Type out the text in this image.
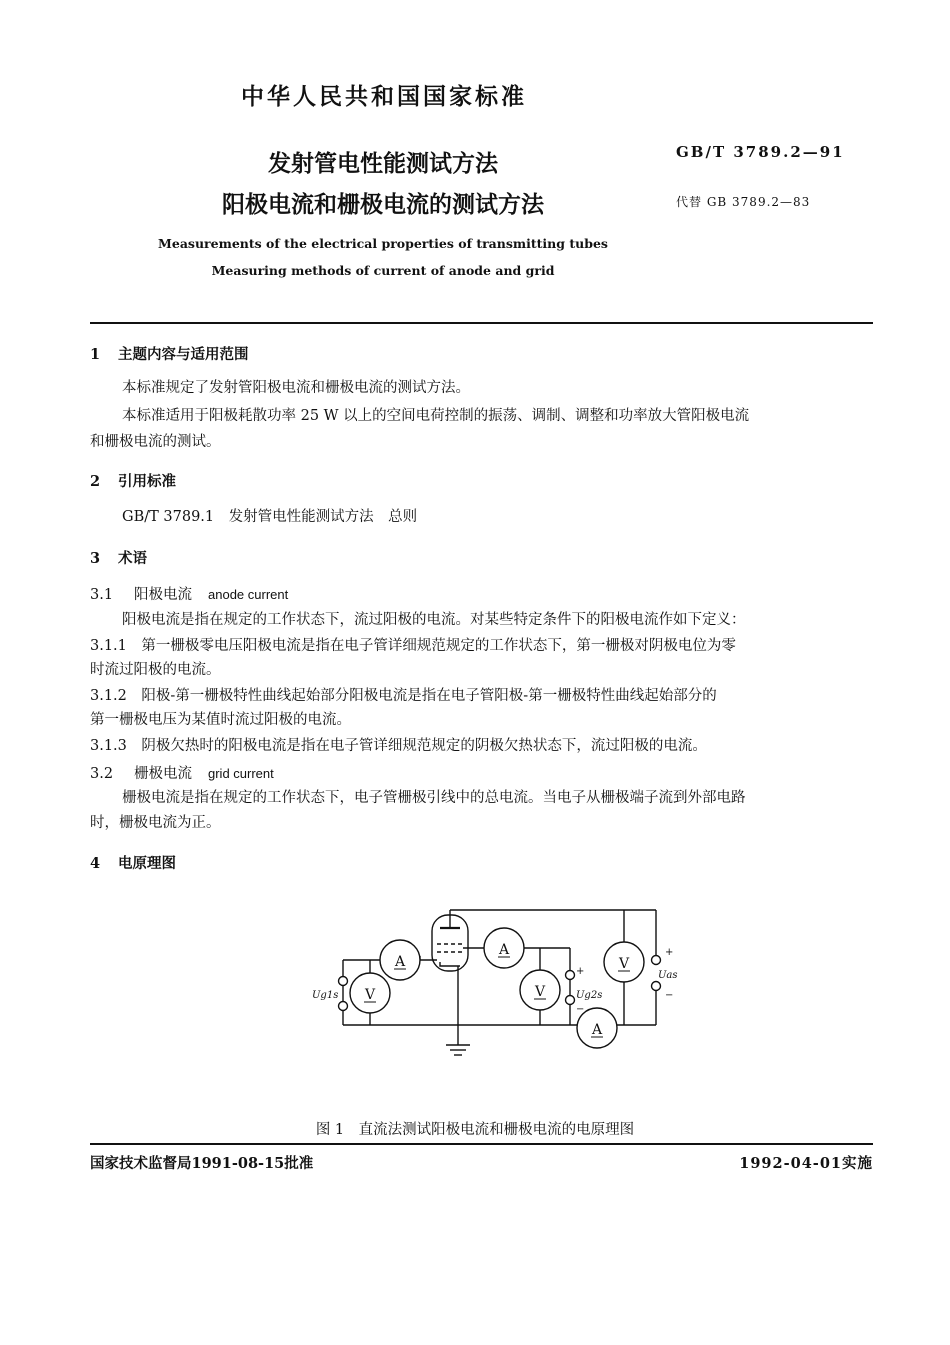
中华人民共和国国家标准
发射管电性能测试方法
阳极电流和栅极电流的测试方法
GB/T 3789.2—91
代替 GB 3789.2—83
Measurements of the electrical properties of transmitting tubes
Measuring methods of current of anode and grid
1 主题内容与适用范围
本标准规定了发射管阳极电流和栅极电流的测试方法。
本标准适用于阳极耗散功率 25 W 以上的空间电荷控制的振荡、调制、调整和功率放大管阳极电流
和栅极电流的测试。
2 引用标准
GB/T 3789.1　发射管电性能测试方法　总则
3 术语
3.1 阳极电流 anode current
阳极电流是指在规定的工作状态下，流过阳极的电流。对某些特定条件下的阳极电流作如下定义：
3.1.1　第一栅极零电压阳极电流是指在电子管详细规范规定的工作状态下，第一栅极对阴极电位为零
时流过阳极的电流。
3.1.2　阳极-第一栅极特性曲线起始部分阳极电流是指在电子管阳极-第一栅极特性曲线起始部分的
第一栅极电压为某值时流过阳极的电流。
3.1.3　阴极欠热时的阳极电流是指在电子管详细规范规定的阴极欠热状态下，流过阳极的电流。
3.2 栅极电流 grid current
栅极电流是指在规定的工作状态下，电子管栅极引线中的总电流。当电子从栅极端子流到外部电路
时，栅极电流为正。
4 电原理图
A
V
A
V
V
A
Ug1s	Ug2s
Uas
+
−
+
−
图 1　直流法测试阳极电流和栅极电流的电原理图
国家技术监督局1991-08-15批准	1992-04-01实施
